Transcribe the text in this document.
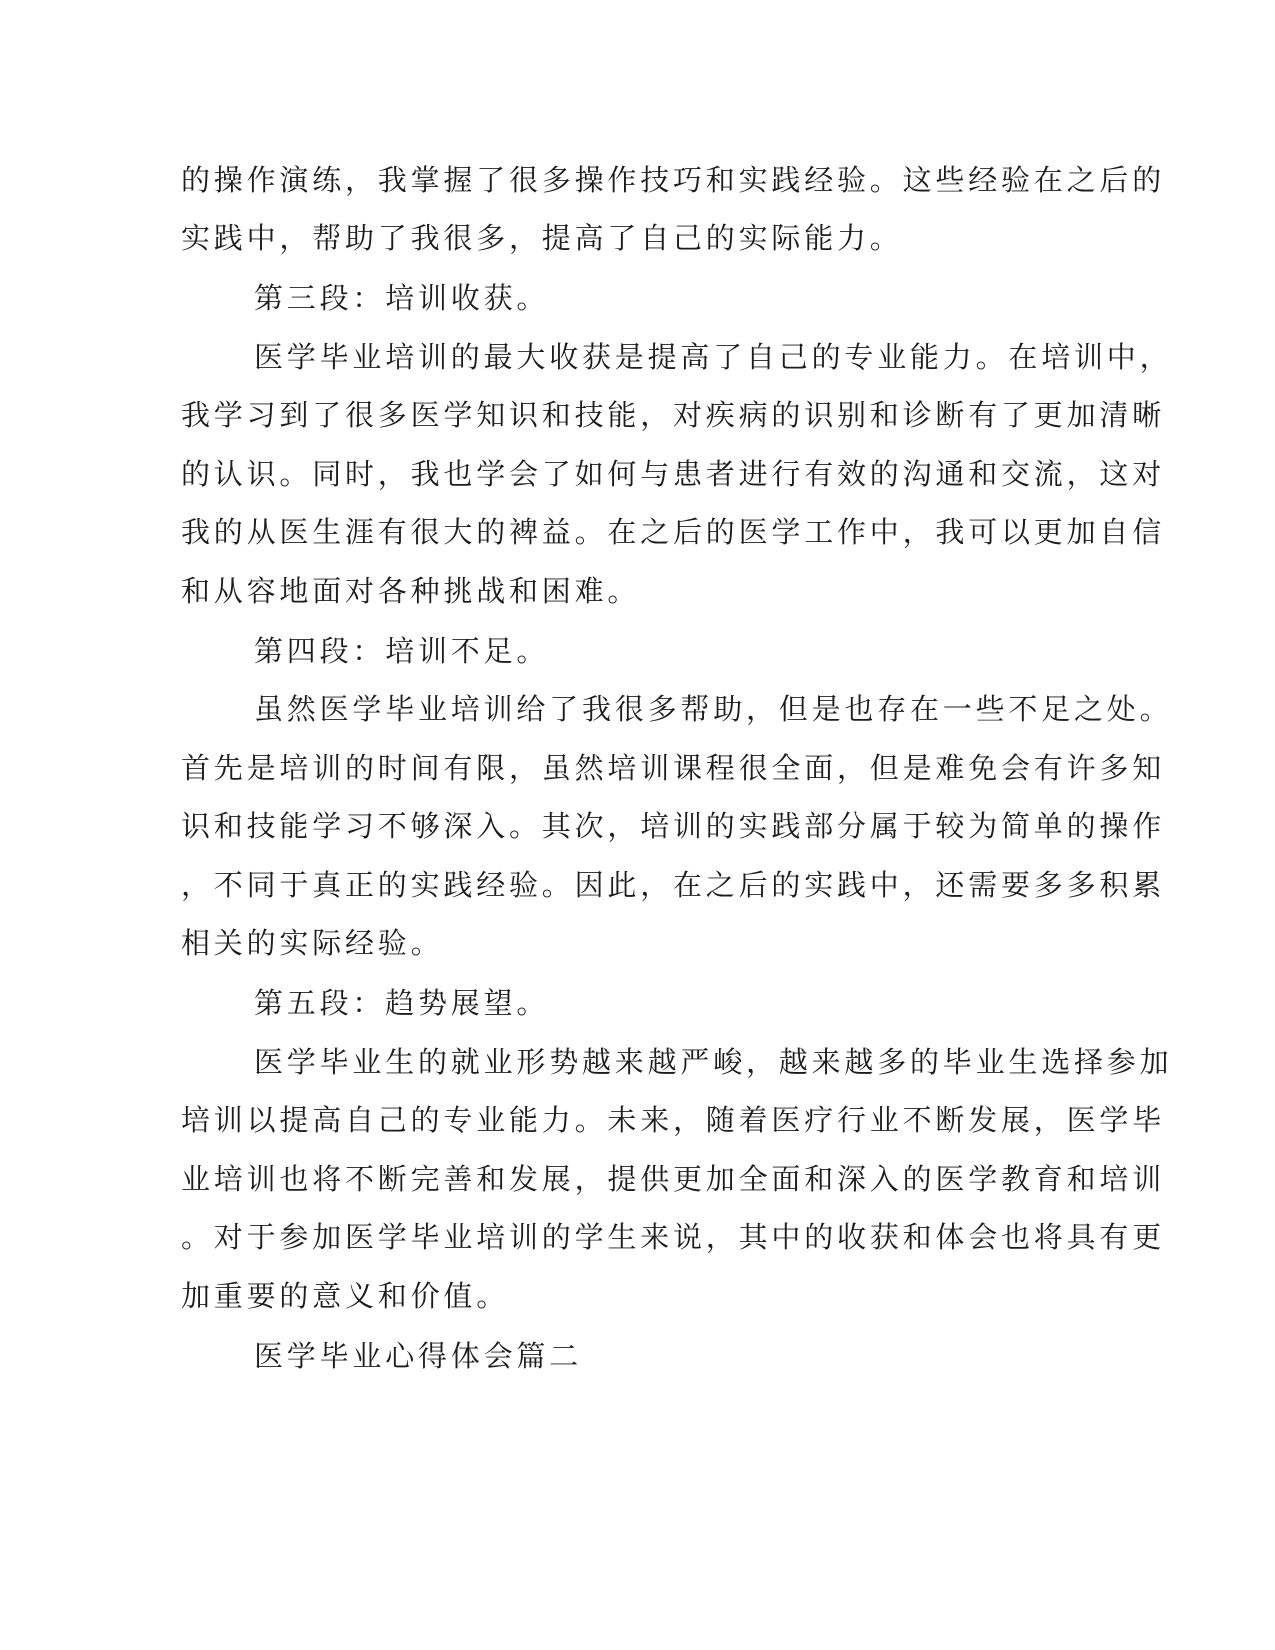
的操作演练，我掌握了很多操作技巧和实践经验。这些经验在之后的
实践中，帮助了我很多，提高了自己的实际能力。
第三段：培训收获。
医学毕业培训的最大收获是提高了自己的专业能力。在培训中，
我学习到了很多医学知识和技能，对疾病的识别和诊断有了更加清晰
的认识。同时，我也学会了如何与患者进行有效的沟通和交流，这对
我的从医生涯有很大的裨益。在之后的医学工作中，我可以更加自信
和从容地面对各种挑战和困难。
第四段：培训不足。
虽然医学毕业培训给了我很多帮助，但是也存在一些不足之处。
首先是培训的时间有限，虽然培训课程很全面，但是难免会有许多知
识和技能学习不够深入。其次，培训的实践部分属于较为简单的操作
，不同于真正的实践经验。因此，在之后的实践中，还需要多多积累
相关的实际经验。
第五段：趋势展望。
医学毕业生的就业形势越来越严峻，越来越多的毕业生选择参加
培训以提高自己的专业能力。未来，随着医疗行业不断发展，医学毕
业培训也将不断完善和发展，提供更加全面和深入的医学教育和培训
。对于参加医学毕业培训的学生来说，其中的收获和体会也将具有更
加重要的意义和价值。
医学毕业心得体会篇二
